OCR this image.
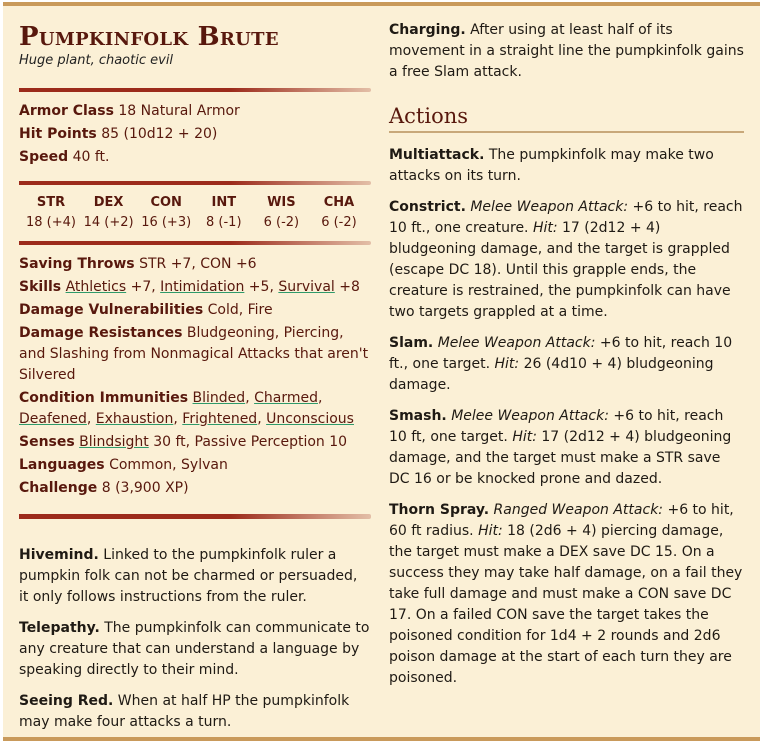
Pumpkinfolk Brute
Huge plant, chaotic evil
Armor Class 18 Natural Armor
Hit Points 85 (10d12 + 20)
Speed 40 ft.
STR
18 (+4)
DEX
14 (+2)
CON
16 (+3)
INT
8 (-1)
WIS
6 (-2)
CHA
6 (-2)
Saving Throws STR +7, CON +6
Skills Athletics +7, Intimidation +5, Survival +8
Damage Vulnerabilities Cold, Fire
Damage Resistances Bludgeoning, Piercing, and Slashing from Nonmagical Attacks that aren't Silvered
Condition Immunities Blinded, Charmed, Deafened, Exhaustion, Frightened, Unconscious
Senses Blindsight 30 ft, Passive Perception 10
Languages Common, Sylvan
Challenge 8 (3,900 XP)

Hivemind. Linked to the pumpkinfolk ruler a pumpkin folk can not be charmed or persuaded, it only follows instructions from the ruler.

Telepathy. The pumpkinfolk can communicate to any creature that can understand a language by speaking directly to their mind.

Seeing Red. When at half HP the pumpkinfolk may make four attacks a turn.

Charging. After using at least half of its movement in a straight line the pumpkinfolk gains a free Slam attack.

Actions

Multiattack. The pumpkinfolk may make two attacks on its turn.

Constrict. Melee Weapon Attack: +6 to hit, reach 10 ft., one creature. Hit: 17 (2d12 + 4) bludgeoning damage, and the target is grappled (escape DC 18). Until this grapple ends, the creature is restrained, the pumpkinfolk can have two targets grappled at a time.

Slam. Melee Weapon Attack: +6 to hit, reach 10 ft., one target. Hit: 26 (4d10 + 4) bludgeoning damage.

Smash. Melee Weapon Attack: +6 to hit, reach 10 ft, one target. Hit: 17 (2d12 + 4) bludgeoning damage, and the target must make a STR save DC 16 or be knocked prone and dazed.

Thorn Spray. Ranged Weapon Attack: +6 to hit, 60 ft radius. Hit: 18 (2d6 + 4) piercing damage, the target must make a DEX save DC 15. On a success they may take half damage, on a fail they take full damage and must make a CON save DC 17. On a failed CON save the target takes the poisoned condition for 1d4 + 2 rounds and 2d6 poison damage at the start of each turn they are poisoned.
